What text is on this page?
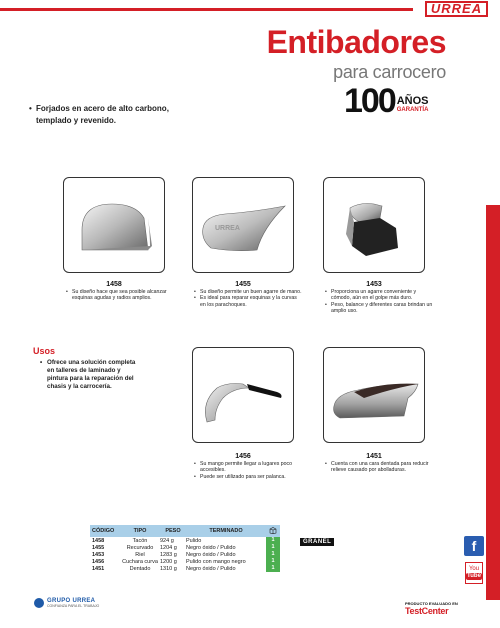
URREA
f
You
Tube
Entibadores
para carrocero
100 AÑOS
GARANTÍA
• Forjados en acero de alto carbono, templado y revenido.
1458
• Su diseño hace que sea posible alcanzar esquinas agudas y radios amplios.
URREA
1455
• Su diseño permite un buen agarre de mano.
• Es ideal para reparar esquinas y la curvas en los parachoques.
1453
• Proporciona un agarre conveniente y cómodo, aún en el golpe más duro.
• Peso, balance y diferentes caras brindan un amplio uso.
Usos
• Ofrece una solución completa en talleres de laminado y pintura para la reparación del chasis y la carrocería.
1456
• Su mango permite llegar a lugares poco accesibles.
• Puede ser utilizado para ser palanca.
1451
• Cuenta con una cara dentada para reducir relieve causado por abolladuras.
CÓDIGO	TIPO	PESO	TERMINADO
1458	Tacón	924 g	Pulido	1
1455	Recurvado	1204 g	Negro óxido / Pulido	1
1453	Riel	1283 g	Negro óxido / Pulido	1
1456	Cuchara curva 1200 g	Pulido con mango negro	1
1451	Dentado	1310 g	Negro óxido / Pulido	1
GRANEL
GRUPO URREA
CONFIANZA PARA EL TRABAJO	PRODUCTO EVALUADO EN
TestCenter
